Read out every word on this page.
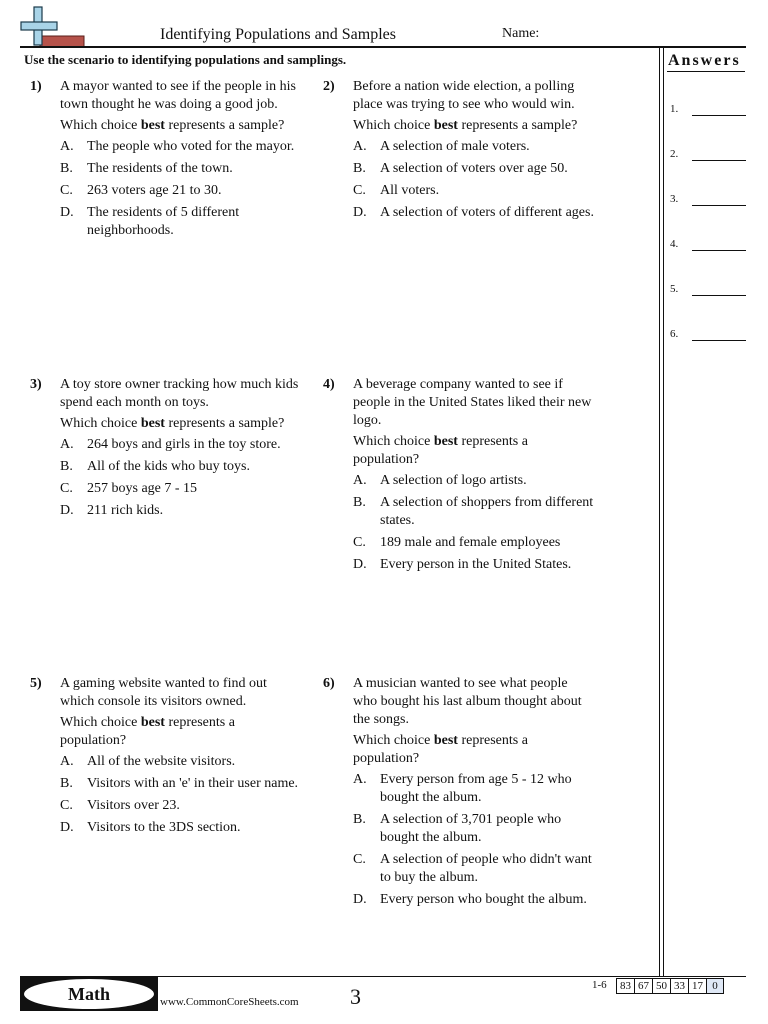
Identifying Populations and Samples	Name:
Use the scenario to identifying populations and samplings.	Answers
1.
2.
3.
4.
5.
6.
1) A mayor wanted to see if the people in his town thought he was doing a good job.
Which choice best represents a sample?
A. The people who voted for the mayor.
B. The residents of the town.
C. 263 voters age 21 to 30.
D. The residents of 5 different neighborhoods.
2) Before a nation wide election, a polling place was trying to see who would win.
Which choice best represents a sample?
A. A selection of male voters.
B. A selection of voters over age 50.
C. All voters.
D. A selection of voters of different ages.
3) A toy store owner tracking how much kids spend each month on toys.
Which choice best represents a sample?
A. 264 boys and girls in the toy store.
B. All of the kids who buy toys.
C. 257 boys age 7 - 15
D. 211 rich kids.
4) A beverage company wanted to see if people in the United States liked their new logo.
Which choice best represents a population?
A. A selection of logo artists.
B. A selection of shoppers from different states.
C. 189 male and female employees
D. Every person in the United States.
5) A gaming website wanted to find out which console its visitors owned.
Which choice best represents a population?
A. All of the website visitors.
B. Visitors with an 'e' in their user name.
C. Visitors over 23.
D. Visitors to the 3DS section.
6) A musician wanted to see what people who bought his last album thought about the songs.
Which choice best represents a population?
A. Every person from age 5 - 12 who bought the album.
B. A selection of 3,701 people who bought the album.
C. A selection of people who didn't want to buy the album.
D. Every person who bought the album.
Math	www.CommonCoreSheets.com 3	1-6	83 67 50 33 17 0
